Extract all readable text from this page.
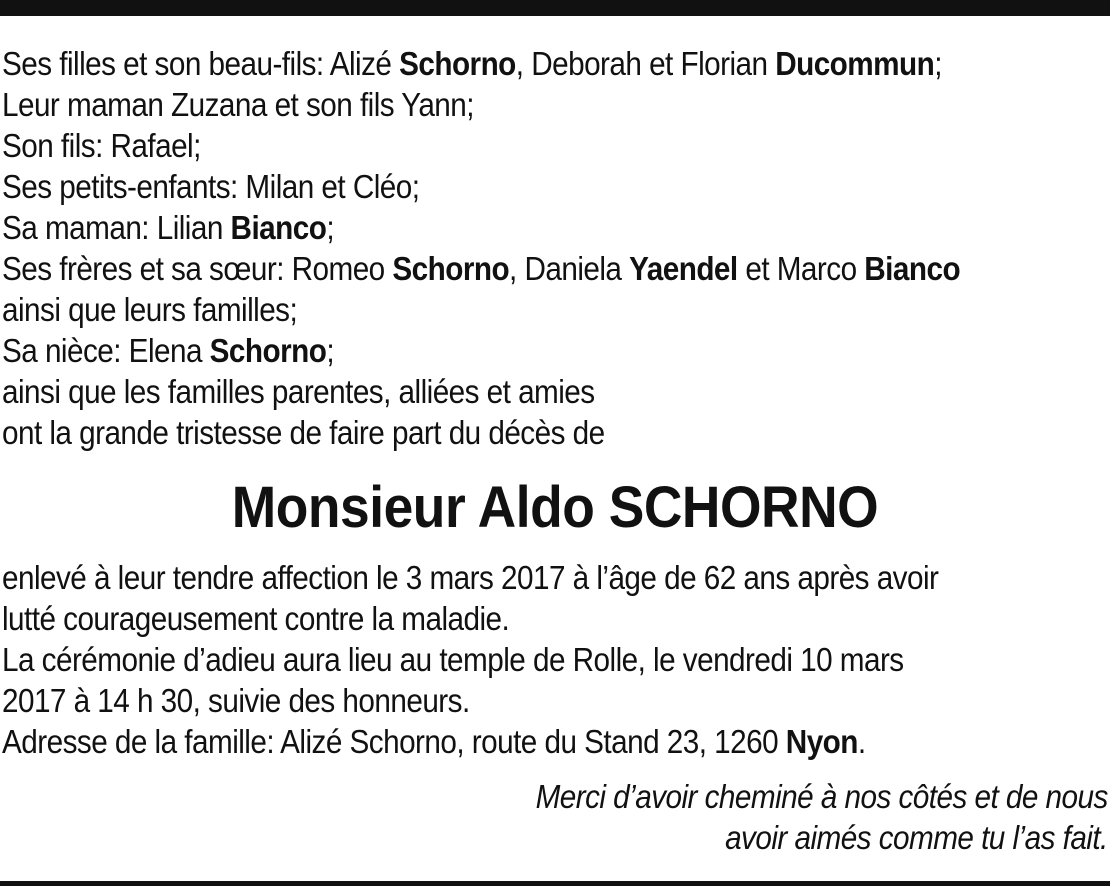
Ses filles et son beau-fils: Alizé Schorno, Deborah et Florian Ducommun;
Leur maman Zuzana et son fils Yann;
Son fils: Rafael;
Ses petits-enfants: Milan et Cléo;
Sa maman: Lilian Bianco;
Ses frères et sa sœur: Romeo Schorno, Daniela Yaendel et Marco Bianco
ainsi que leurs familles;
Sa nièce: Elena Schorno;
ainsi que les familles parentes, alliées et amies
ont la grande tristesse de faire part du décès de
Monsieur Aldo SCHORNO
enlevé à leur tendre affection le 3 mars 2017 à l’âge de 62 ans après avoir
lutté courageusement contre la maladie.
La cérémonie d’adieu aura lieu au temple de Rolle, le vendredi 10 mars
2017 à 14 h 30, suivie des honneurs.
Adresse de la famille: Alizé Schorno, route du Stand 23, 1260 Nyon.
Merci d’avoir cheminé à nos côtés et de nous
avoir aimés comme tu l’as fait.
